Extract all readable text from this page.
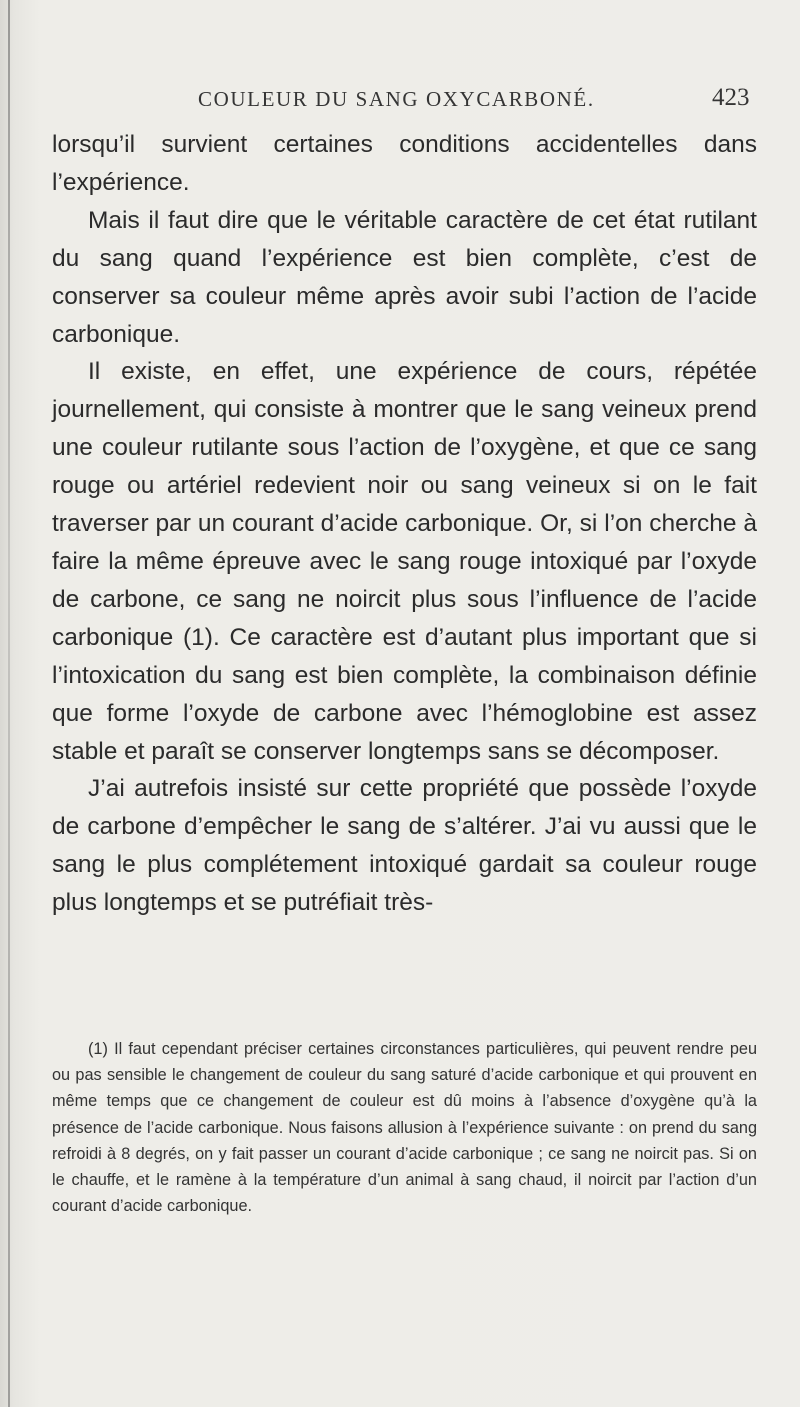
COULEUR DU SANG OXYCARBONÉ.	423

lorsqu’il survient certaines conditions accidentelles dans l’expérience.

Mais il faut dire que le véritable caractère de cet état rutilant du sang quand l’expérience est bien complète, c’est de conserver sa couleur même après avoir subi l’action de l’acide carbonique.

Il existe, en effet, une expérience de cours, répétée journellement, qui consiste à montrer que le sang veineux prend une couleur rutilante sous l’action de l’oxygène, et que ce sang rouge ou artériel redevient noir ou sang veineux si on le fait traverser par un courant d’acide carbonique. Or, si l’on cherche à faire la même épreuve avec le sang rouge intoxiqué par l’oxyde de carbone, ce sang ne noircit plus sous l’influence de l’acide carbonique (1). Ce caractère est d’autant plus important que si l’intoxication du sang est bien complète, la combinaison définie que forme l’oxyde de carbone avec l’hémoglobine est assez stable et paraît se conserver longtemps sans se décomposer.

J’ai autrefois insisté sur cette propriété que possède l’oxyde de carbone d’empêcher le sang de s’altérer. J’ai vu aussi que le sang le plus complétement intoxiqué gardait sa couleur rouge plus longtemps et se putréfiait très-

(1) Il faut cependant préciser certaines circonstances particulières, qui peuvent rendre peu ou pas sensible le changement de couleur du sang saturé d’acide carbonique et qui prouvent en même temps que ce changement de couleur est dû moins à l’absence d’oxygène qu’à la présence de l’acide carbonique. Nous faisons allusion à l’expérience suivante : on prend du sang refroidi à 8 degrés, on y fait passer un courant d’acide carbonique ; ce sang ne noircit pas. Si on le chauffe, et le ramène à la température d’un animal à sang chaud, il noircit par l’action d’un courant d’acide carbonique.
